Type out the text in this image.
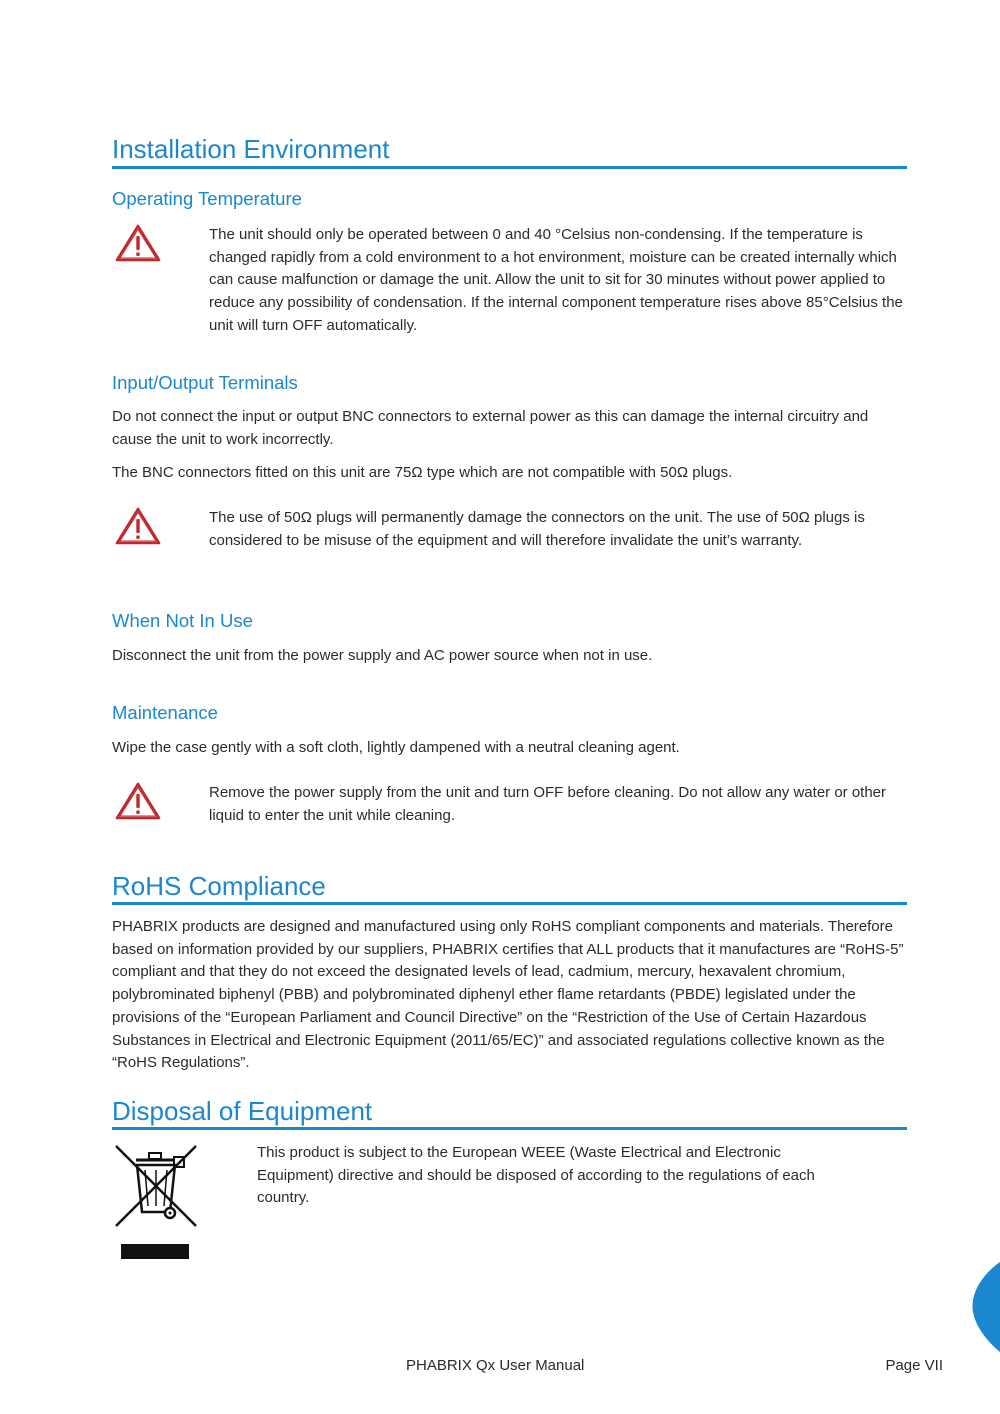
Installation Environment
Operating Temperature

The unit should only be operated between 0 and 40 °Celsius non-condensing. If the temperature is changed rapidly from a cold environment to a hot environment, moisture can be created internally which can cause malfunction or damage the unit. Allow the unit to sit for 30 minutes without power applied to reduce any possibility of condensation. If the internal component temperature rises above 85°Celsius the unit will turn OFF automatically.

Input/Output Terminals

Do not connect the input or output BNC connectors to external power as this can damage the internal circuitry and cause the unit to work incorrectly.

The BNC connectors fitted on this unit are 75Ω type which are not compatible with 50Ω plugs.

The use of 50Ω plugs will permanently damage the connectors on the unit. The use of 50Ω plugs is considered to be misuse of the equipment and will therefore invalidate the unit’s warranty.

When Not In Use

Disconnect the unit from the power supply and AC power source when not in use.

Maintenance

Wipe the case gently with a soft cloth, lightly dampened with a neutral cleaning agent.

Remove the power supply from the unit and turn OFF before cleaning. Do not allow any water or other liquid to enter the unit while cleaning.

RoHS Compliance

PHABRIX products are designed and manufactured using only RoHS compliant components and materials. Therefore based on information provided by our suppliers, PHABRIX certifies that ALL products that it manufactures are “RoHS-5” compliant and that they do not exceed the designated levels of lead, cadmium, mercury, hexavalent chromium, polybrominated biphenyl (PBB) and polybrominated diphenyl ether flame retardants (PBDE) legislated under the provisions of the “European Parliament and Council Directive” on the “Restriction of the Use of Certain Hazardous Substances in Electrical and Electronic Equipment (2011/65/EC)” and associated regulations collective known as the “RoHS Regulations”.

Disposal of Equipment

This product is subject to the European WEEE (Waste Electrical and Electronic Equipment) directive and should be disposed of according to the regulations of each country.

PHABRIX Qx User Manual	Page VII
